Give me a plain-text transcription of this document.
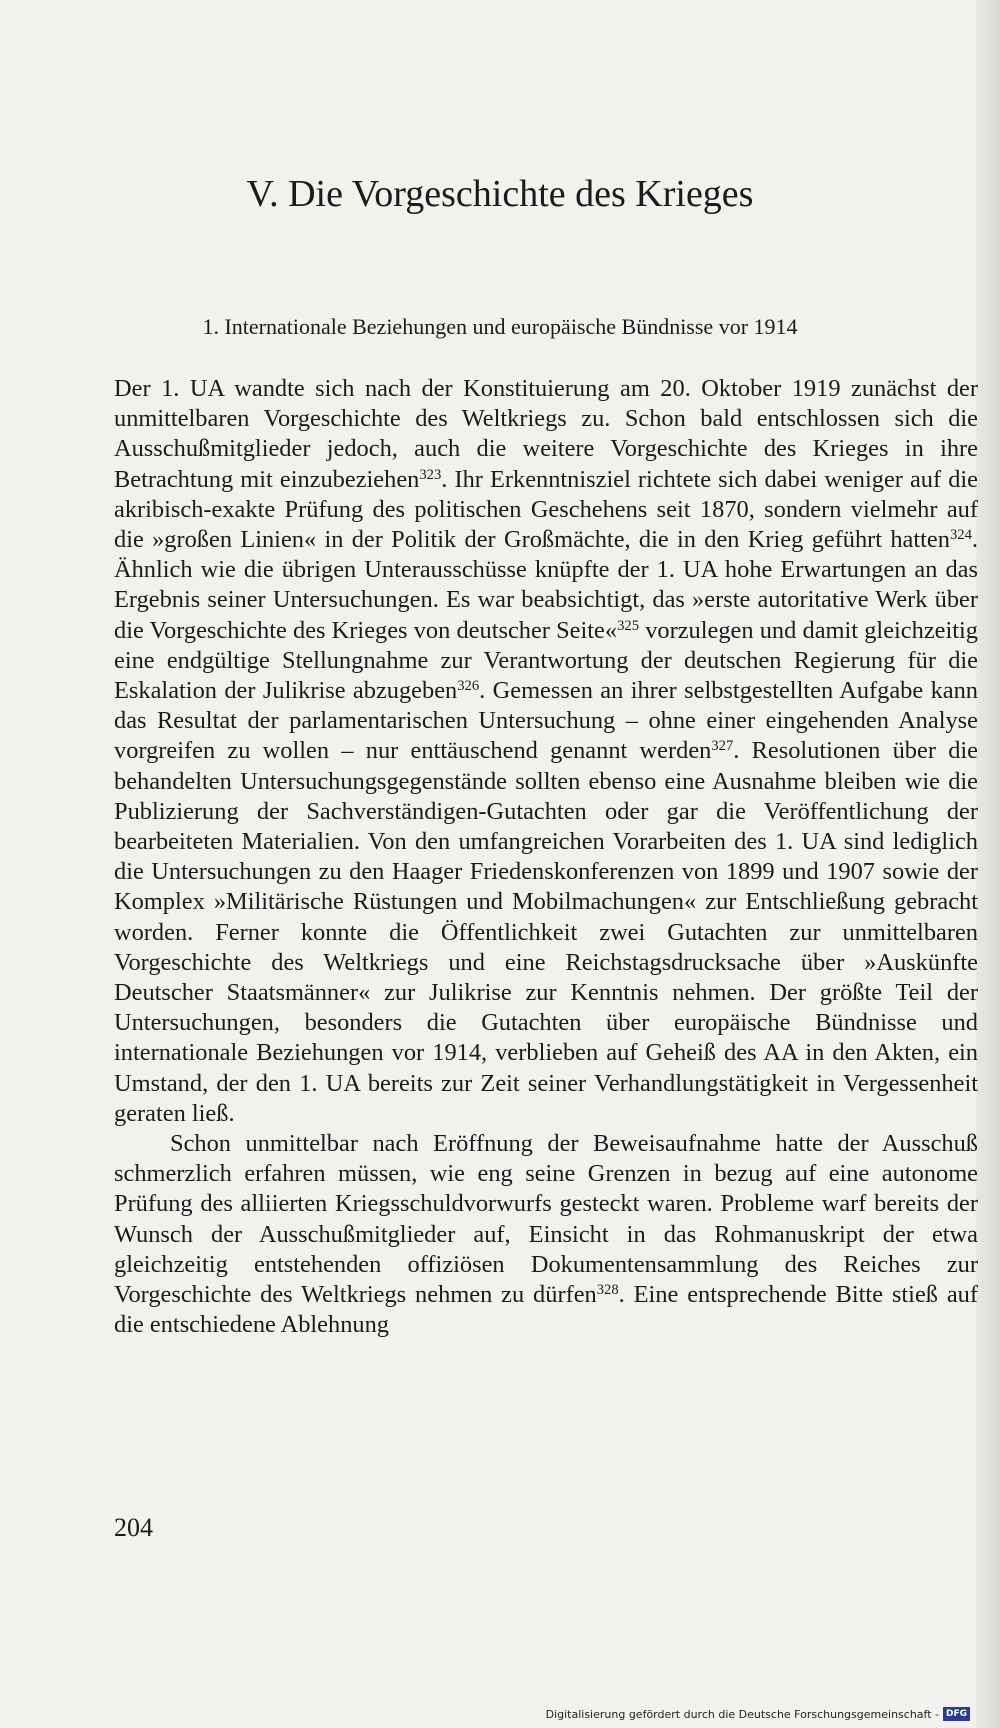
V. Die Vorgeschichte des Krieges
1. Internationale Beziehungen und europäische Bündnisse vor 1914

Der 1. UA wandte sich nach der Konstituierung am 20. Oktober 1919 zunächst der unmittelbaren Vorgeschichte des Weltkriegs zu. Schon bald entschlossen sich die Ausschußmitglieder jedoch, auch die weitere Vorgeschichte des Krieges in ihre Betrachtung mit einzubeziehen$^{323}$. Ihr Erkenntnisziel richtete sich dabei weniger auf die akribisch-exakte Prüfung des politischen Geschehens seit 1870, sondern vielmehr auf die »großen Linien« in der Politik der Großmächte, die in den Krieg geführt hatten$^{324}$. Ähnlich wie die übrigen Unterausschüsse knüpfte der 1. UA hohe Erwartungen an das Ergebnis seiner Untersuchungen. Es war beabsichtigt, das »erste autoritative Werk über die Vorgeschichte des Krieges von deutscher Seite«$^{325}$ vorzulegen und damit gleichzeitig eine endgültige Stellungnahme zur Verantwortung der deutschen Regierung für die Eskalation der Julikrise abzugeben$^{326}$. Gemessen an ihrer selbstgestellten Aufgabe kann das Resultat der parlamentarischen Untersuchung – ohne einer eingehenden Analyse vorgreifen zu wollen – nur enttäuschend genannt werden$^{327}$. Resolutionen über die behandelten Untersuchungsgegenstände sollten ebenso eine Ausnahme bleiben wie die Publizierung der Sachverständigen-Gutachten oder gar die Veröffentlichung der bearbeiteten Materialien. Von den umfangreichen Vorarbeiten des 1. UA sind lediglich die Untersuchungen zu den Haager Friedenskonferenzen von 1899 und 1907 sowie der Komplex »Militärische Rüstungen und Mobilmachungen« zur Entschließung gebracht worden. Ferner konnte die Öffentlichkeit zwei Gutachten zur unmittelbaren Vorgeschichte des Weltkriegs und eine Reichstagsdrucksache über »Auskünfte Deutscher Staatsmänner« zur Julikrise zur Kenntnis nehmen. Der größte Teil der Untersuchungen, besonders die Gutachten über europäische Bündnisse und internationale Beziehungen vor 1914, verblieben auf Geheiß des AA in den Akten, ein Umstand, der den 1. UA bereits zur Zeit seiner Verhandlungstätigkeit in Vergessenheit geraten ließ.

Schon unmittelbar nach Eröffnung der Beweisaufnahme hatte der Ausschuß schmerzlich erfahren müssen, wie eng seine Grenzen in bezug auf eine autonome Prüfung des alliierten Kriegsschuldvorwurfs gesteckt waren. Probleme warf bereits der Wunsch der Ausschußmitglieder auf, Einsicht in das Rohmanuskript der etwa gleichzeitig entstehenden offiziösen Dokumentensammlung des Reiches zur Vorgeschichte des Weltkriegs nehmen zu dürfen$^{328}$. Eine entsprechende Bitte stieß auf die entschiedene Ablehnung

204
Digitalisierung gefördert durch die Deutsche Forschungsgemeinschaft - DFG
